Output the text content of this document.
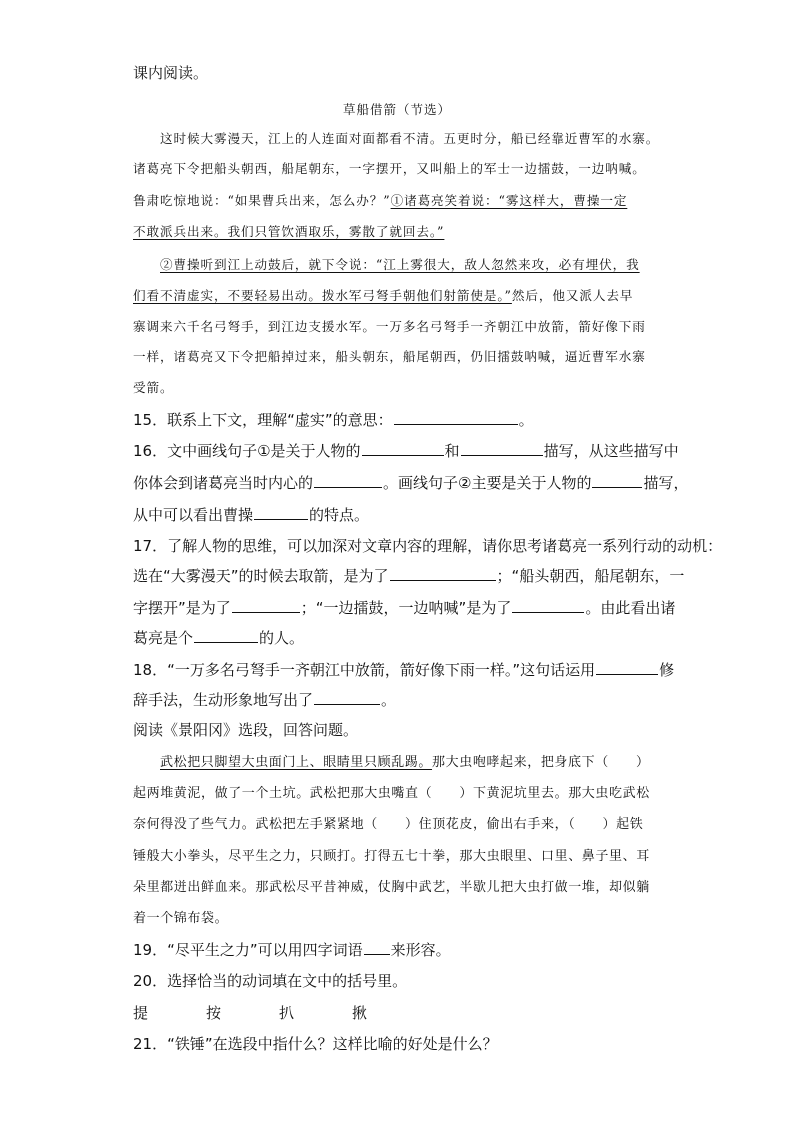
课内阅读。
草船借箭（节选）
这时候大雾漫天，江上的人连面对面都看不清。五更时分，船已经靠近曹军的水寨。
诸葛亮下令把船头朝西，船尾朝东，一字摆开，又叫船上的军士一边擂鼓，一边呐喊。
鲁肃吃惊地说：“如果曹兵出来，怎么办？”①诸葛亮笑着说：“雾这样大，曹操一定
不敢派兵出来。我们只管饮酒取乐，雾散了就回去。”
②曹操听到江上动鼓后，就下令说：“江上雾很大，敌人忽然来攻，必有埋伏，我
们看不清虚实，不要轻易出动。拨水军弓弩手朝他们射箭使是。”然后，他又派人去早
寨调来六千名弓弩手，到江边支援水军。一万多名弓弩手一齐朝江中放箭，箭好像下雨
一样，诸葛亮又下令把船掉过来，船头朝东，船尾朝西，仍旧擂鼓呐喊，逼近曹军水寨
受箭。
15．联系上下文，理解“虚实”的意思：	。
16．文中画线句子①是关于人物的	和	描写，从这些描写中
你体会到诸葛亮当时内心的	。画线句子②主要是关于人物的	描写，
从中可以看出曹操	的特点。
17．了解人物的思维，可以加深对文章内容的理解，请你思考诸葛亮一系列行动的动机：
选在“大雾漫天”的时候去取箭，是为了	；“船头朝西，船尾朝东，一
字摆开”是为了	；“一边擂鼓，一边呐喊”是为了	。由此看出诸
葛亮是个	的人。
18．“一万多名弓弩手一齐朝江中放箭，箭好像下雨一样。”这句话运用	修
辞手法，生动形象地写出了	。
阅读《景阳冈》选段，回答问题。
武松把只脚望大虫面门上、眼睛里只顾乱踢。那大虫咆哮起来，把身底下（　　）
起两堆黄泥，做了一个土坑。武松把那大虫嘴直（　　）下黄泥坑里去。那大虫吃武松
奈何得没了些气力。武松把左手紧紧地（　　）住顶花皮，偷出右手来，（　　）起铁
锤般大小拳头，尽平生之力，只顾打。打得五七十拳，那大虫眼里、口里、鼻子里、耳
朵里都迸出鲜血来。那武松尽平昔神威，仗胸中武艺，半歇儿把大虫打做一堆，却似躺
着一个锦布袋。
19．“尽平生之力”可以用四字词语 来形容。
20．选择恰当的动词填在文中的括号里。
提	按	扒	揪
21．“铁锤”在选段中指什么？这样比喻的好处是什么？
